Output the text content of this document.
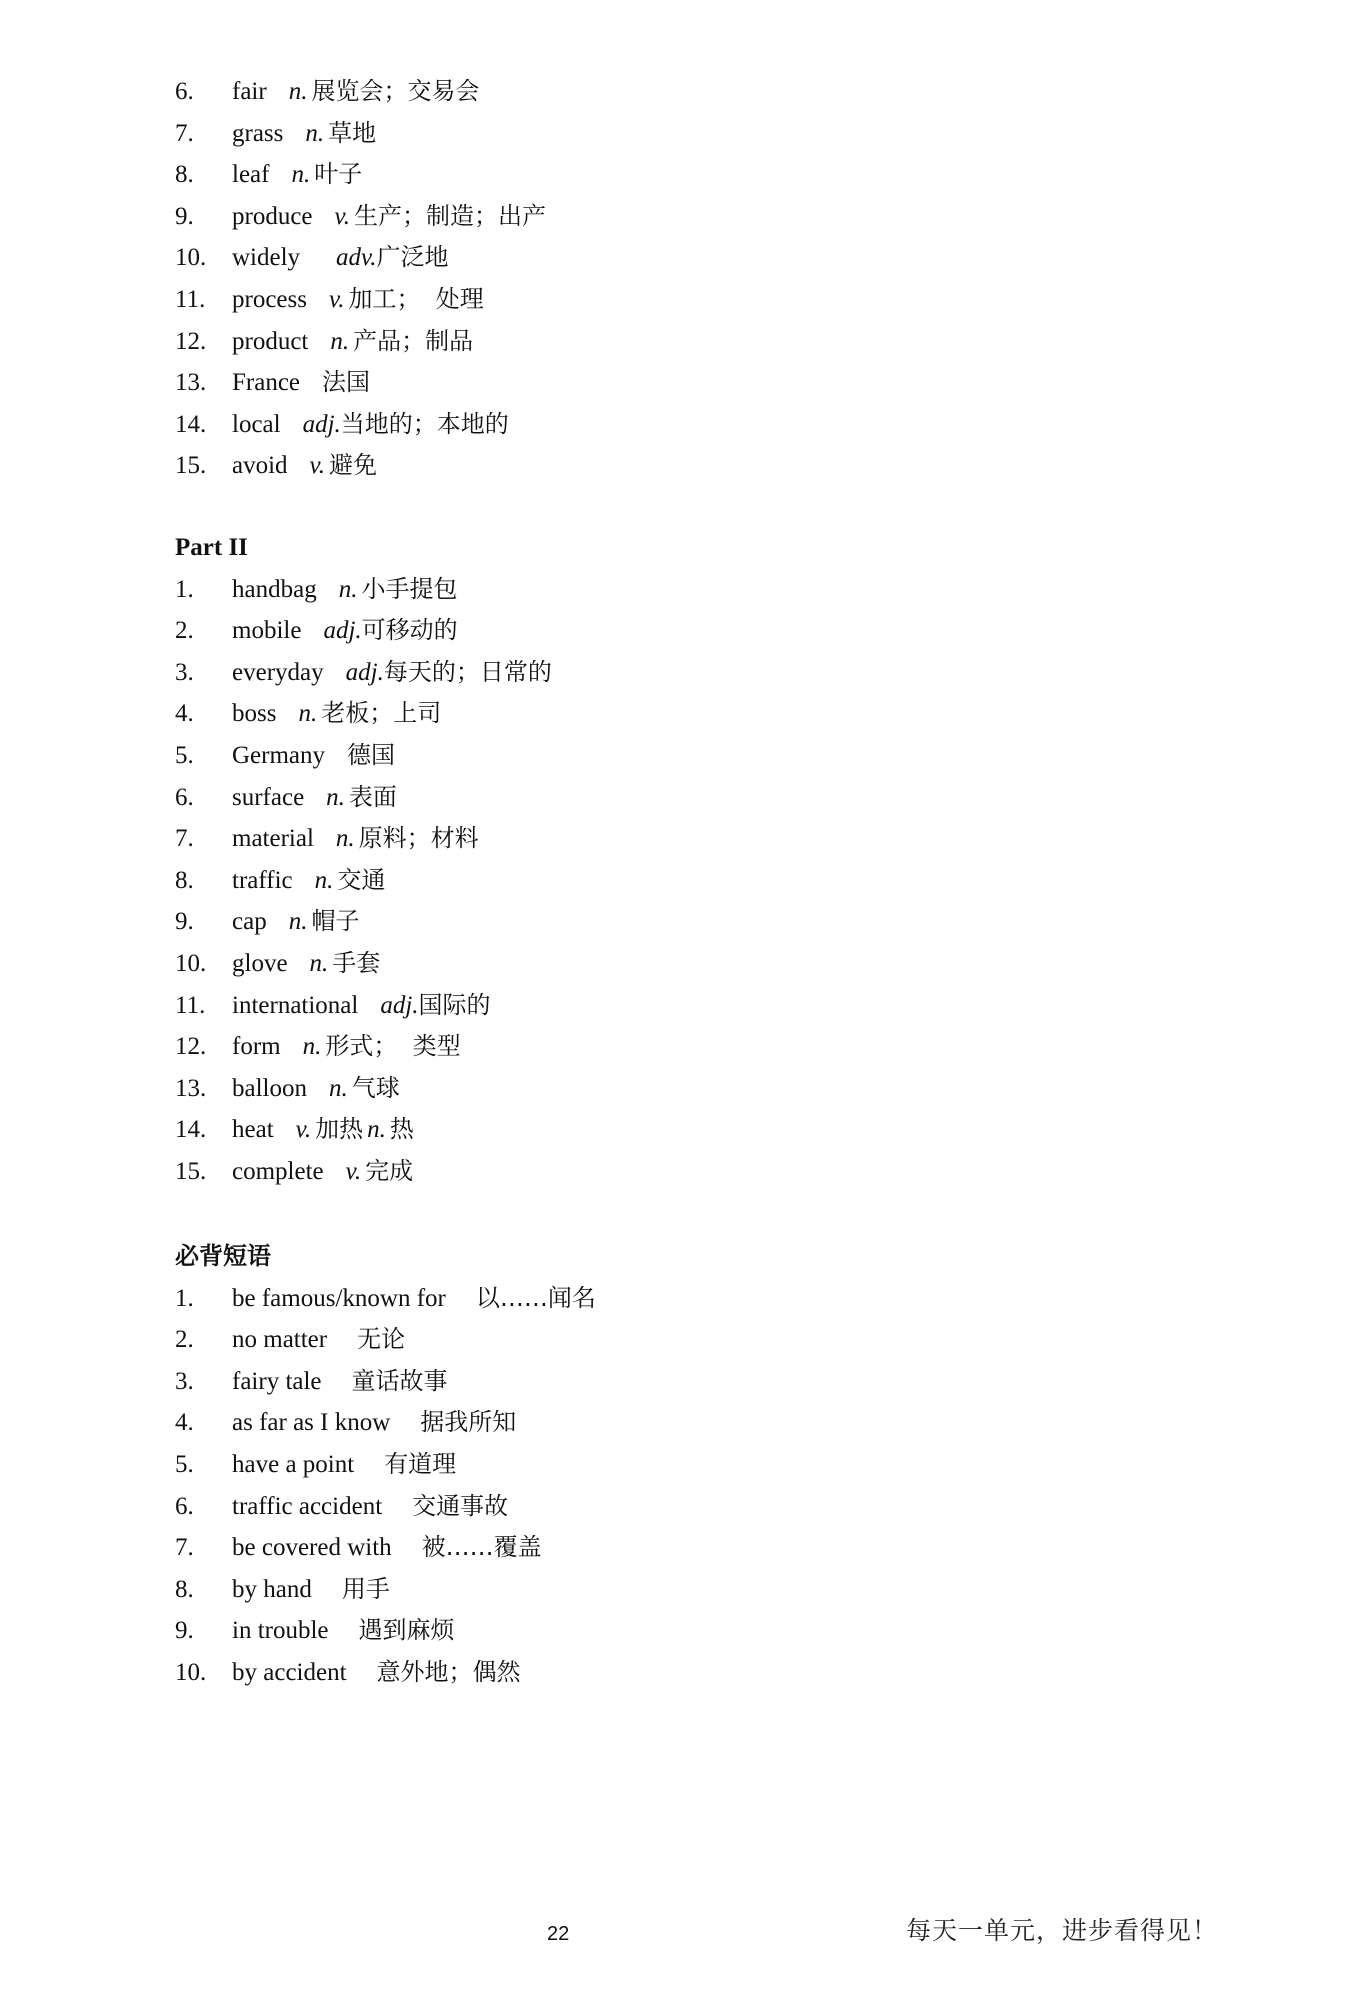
6. fair n. 展览会；交易会
7. grass n. 草地
8. leaf n. 叶子
9. produce v. 生产；制造；出产
10. widely adv.广泛地
11. process v. 加工；  处理
12. product n. 产品；制品
13. France 法国
14. local adj.当地的；本地的
15. avoid v. 避免
Part II
1. handbag n. 小手提包
2. mobile adj.可移动的
3. everyday adj.每天的；日常的
4. boss n. 老板；上司
5. Germany 德国
6. surface n. 表面
7. material n. 原料；材料
8. traffic n. 交通
9. cap n. 帽子
10. glove n. 手套
11. international adj.国际的
12. form n. 形式；  类型
13. balloon n. 气球
14. heat v. 加热 n. 热
15. complete v. 完成
必背短语
1. be famous/known for 以……闻名
2. no matter 无论
3. fairy tale 童话故事
4. as far as I know 据我所知
5. have a point 有道理
6. traffic accident 交通事故
7. be covered with 被……覆盖
8. by hand 用手
9. in trouble 遇到麻烦
10. by accident 意外地；偶然
22	每天一单元，进步看得见！
